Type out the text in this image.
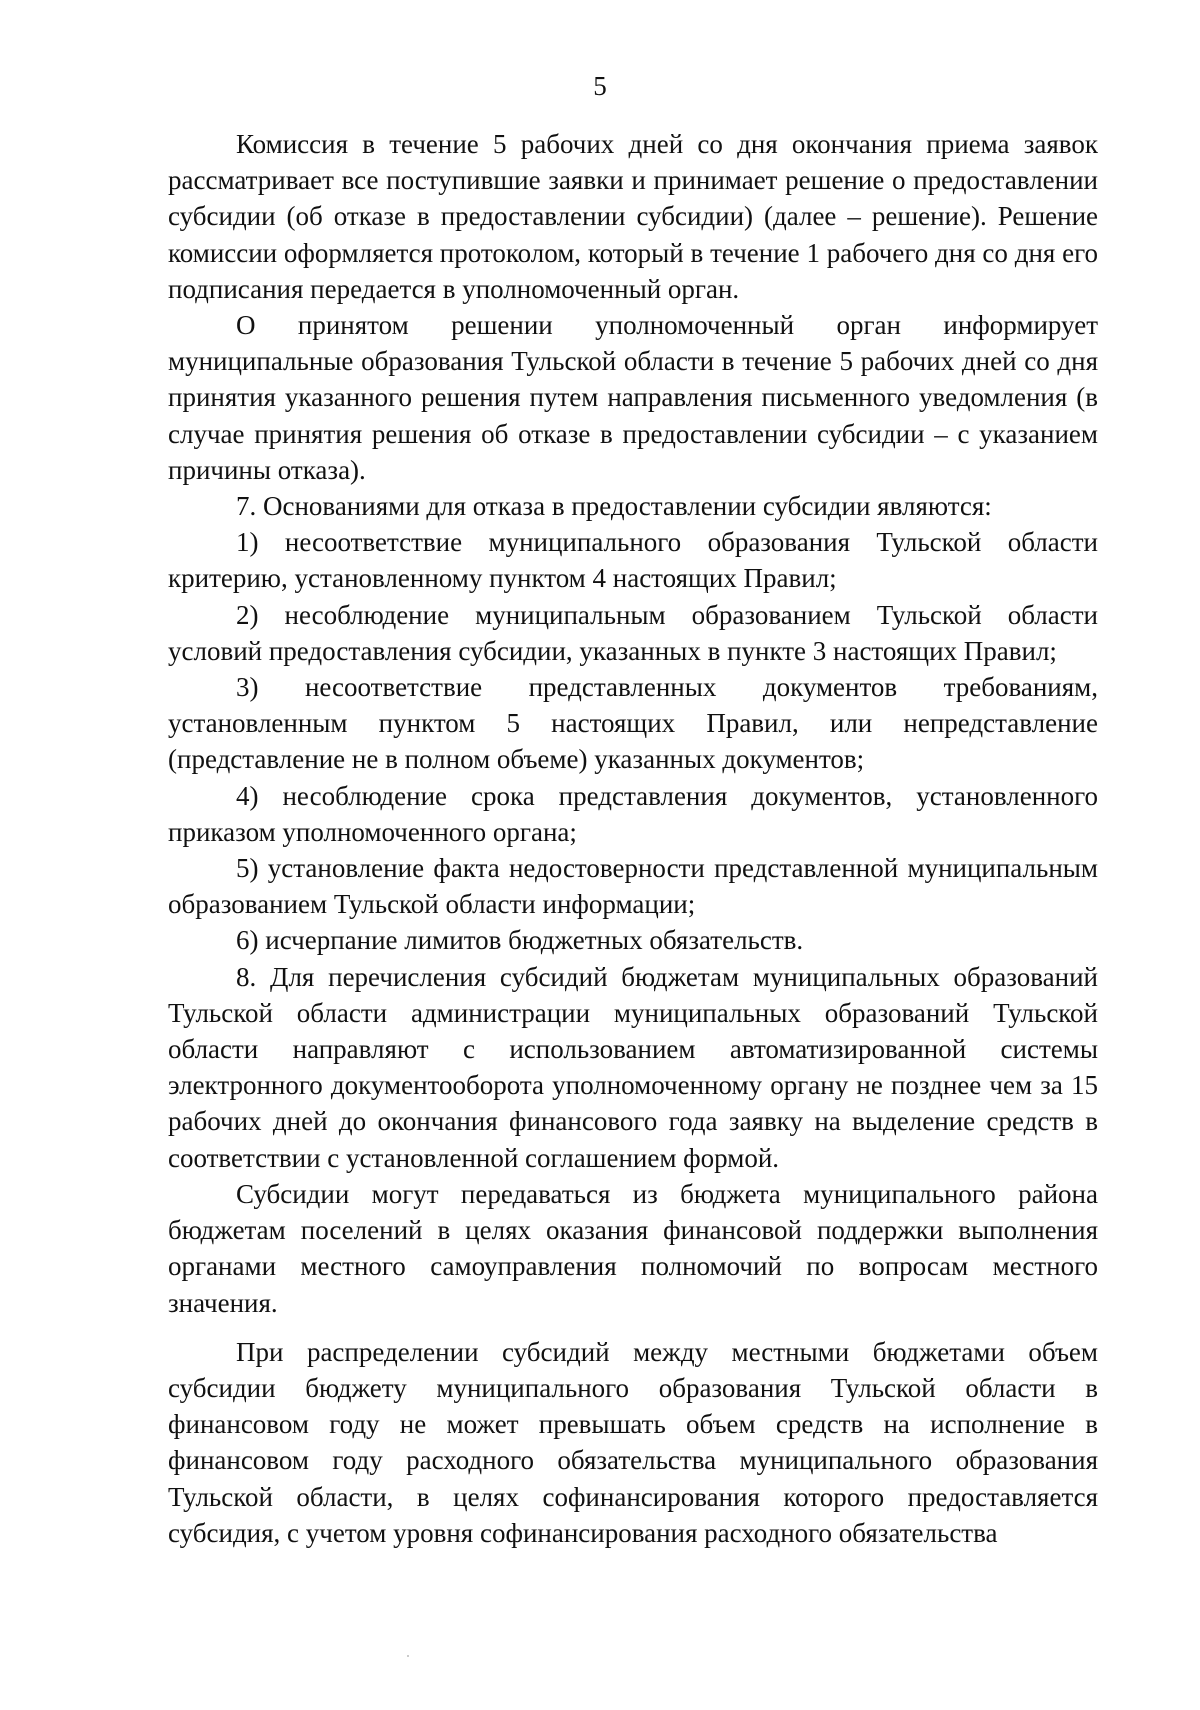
5

Комиссия в течение 5 рабочих дней со дня окончания приема заявок рассматривает все поступившие заявки и принимает решение о предоставлении субсидии (об отказе в предоставлении субсидии) (далее – решение). Решение комиссии оформляется протоколом, который в течение 1 рабочего дня со дня его подписания передается в уполномоченный орган.

О принятом решении уполномоченный орган информирует муниципальные образования Тульской области в течение 5 рабочих дней со дня принятия указанного решения путем направления письменного уведомления (в случае принятия решения об отказе в предоставлении субсидии – с указанием причины отказа).

7. Основаниями для отказа в предоставлении субсидии являются:

1) несоответствие муниципального образования Тульской области критерию, установленному пунктом 4 настоящих Правил;

2) несоблюдение муниципальным образованием Тульской области условий предоставления субсидии, указанных в пункте 3 настоящих Правил;

3) несоответствие представленных документов требованиям, установленным пунктом 5 настоящих Правил, или непредставление (представление не в полном объеме) указанных документов;

4) несоблюдение срока представления документов, установленного приказом уполномоченного органа;

5) установление факта недостоверности представленной муниципальным образованием Тульской области информации;

6) исчерпание лимитов бюджетных обязательств.

8. Для перечисления субсидий бюджетам муниципальных образований Тульской области администрации муниципальных образований Тульской области направляют с использованием автоматизированной системы электронного документооборота уполномоченному органу не позднее чем за 15 рабочих дней до окончания финансового года заявку на выделение средств в соответствии с установленной соглашением формой.

Субсидии могут передаваться из бюджета муниципального района бюджетам поселений в целях оказания финансовой поддержки выполнения органами местного самоуправления полномочий по вопросам местного значения.

При распределении субсидий между местными бюджетами объем субсидии бюджету муниципального образования Тульской области в финансовом году не может превышать объем средств на исполнение в финансовом году расходного обязательства муниципального образования Тульской области, в целях софинансирования которого предоставляется субсидия, с учетом уровня софинансирования расходного обязательства
